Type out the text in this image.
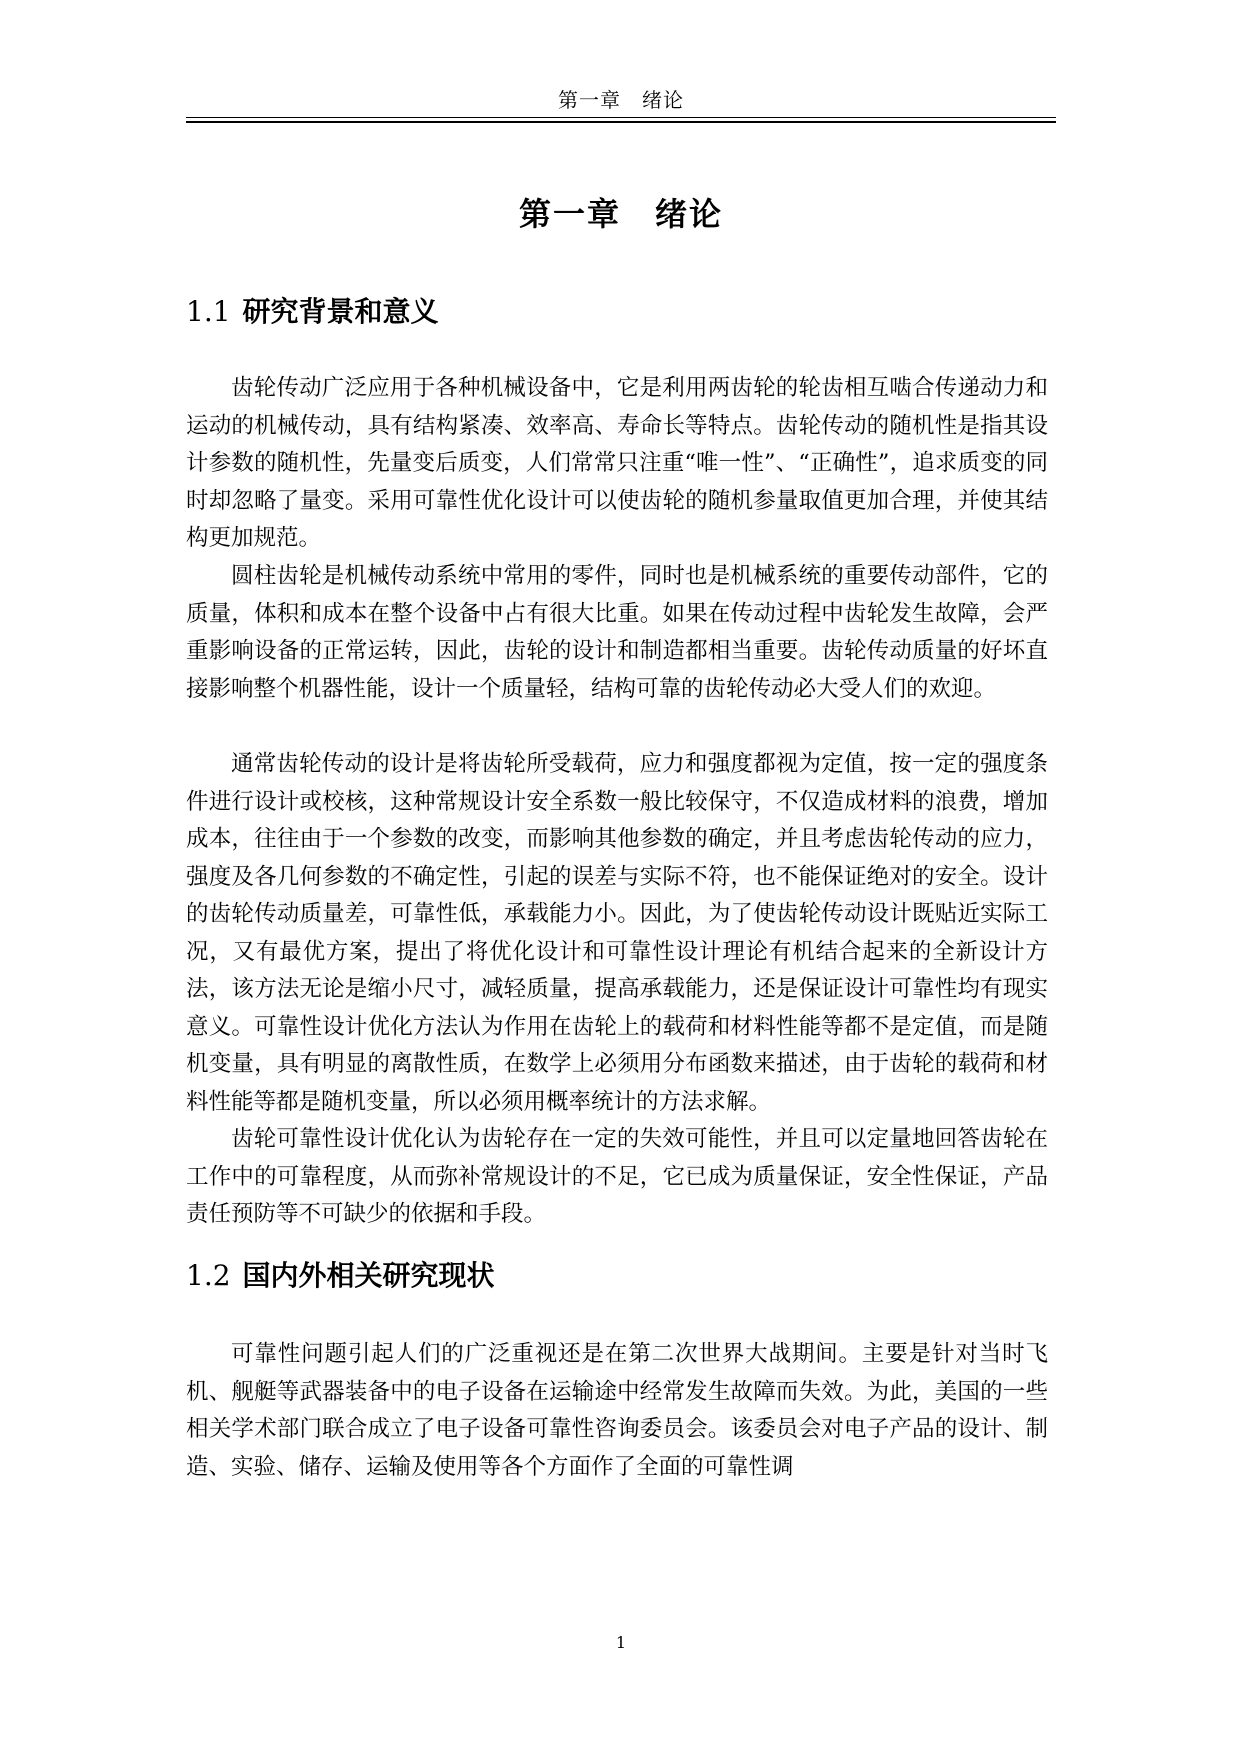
第一章　绪论
第一章　绪论
1.1 研究背景和意义

齿轮传动广泛应用于各种机械设备中，它是利用两齿轮的轮齿相互啮合传递动力和运动的机械传动，具有结构紧凑、效率高、寿命长等特点。齿轮传动的随机性是指其设计参数的随机性，先量变后质变，人们常常只注重“唯一性”、“正确性”，追求质变的同时却忽略了量变。采用可靠性优化设计可以使齿轮的随机参量取值更加合理，并使其结构更加规范。

圆柱齿轮是机械传动系统中常用的零件，同时也是机械系统的重要传动部件，它的质量，体积和成本在整个设备中占有很大比重。如果在传动过程中齿轮发生故障，会严重影响设备的正常运转，因此，齿轮的设计和制造都相当重要。齿轮传动质量的好坏直接影响整个机器性能，设计一个质量轻，结构可靠的齿轮传动必大受人们的欢迎。

通常齿轮传动的设计是将齿轮所受载荷，应力和强度都视为定值，按一定的强度条件进行设计或校核，这种常规设计安全系数一般比较保守，不仅造成材料的浪费，增加成本，往往由于一个参数的改变，而影响其他参数的确定，并且考虑齿轮传动的应力，强度及各几何参数的不确定性，引起的误差与实际不符，也不能保证绝对的安全。设计的齿轮传动质量差，可靠性低，承载能力小。因此，为了使齿轮传动设计既贴近实际工况，又有最优方案，提出了将优化设计和可靠性设计理论有机结合起来的全新设计方法，该方法无论是缩小尺寸，减轻质量，提高承载能力，还是保证设计可靠性均有现实意义。可靠性设计优化方法认为作用在齿轮上的载荷和材料性能等都不是定值，而是随机变量，具有明显的离散性质，在数学上必须用分布函数来描述，由于齿轮的载荷和材料性能等都是随机变量，所以必须用概率统计的方法求解。

齿轮可靠性设计优化认为齿轮存在一定的失效可能性，并且可以定量地回答齿轮在工作中的可靠程度，从而弥补常规设计的不足，它已成为质量保证，安全性保证，产品责任预防等不可缺少的依据和手段。

1.2 国内外相关研究现状

可靠性问题引起人们的广泛重视还是在第二次世界大战期间。主要是针对当时飞机、舰艇等武器装备中的电子设备在运输途中经常发生故障而失效。为此，美国的一些相关学术部门联合成立了电子设备可靠性咨询委员会。该委员会对电子产品的设计、制造、实验、储存、运输及使用等各个方面作了全面的可靠性调

1
